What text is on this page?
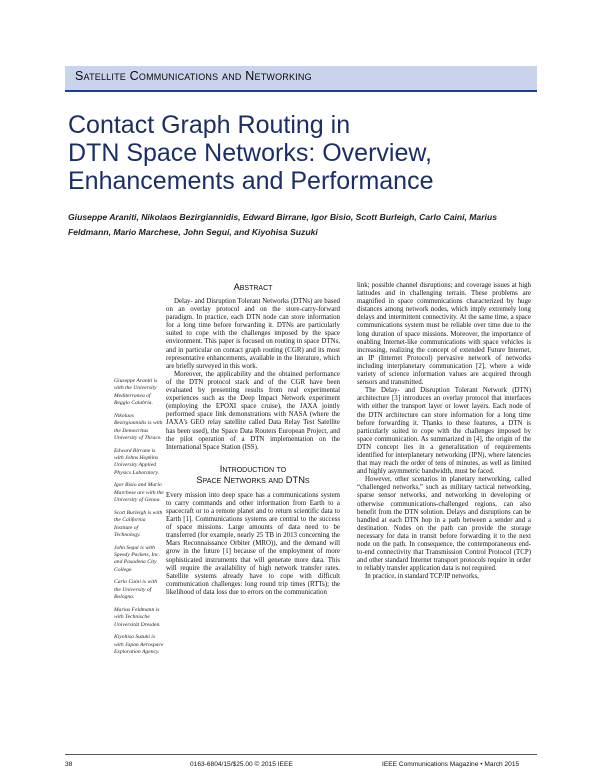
Satellite Communications and Networking
Contact Graph Routing in
DTN Space Networks: Overview,
Enhancements and Performance
Giuseppe Araniti, Nikolaos Bezirgiannidis, Edward Birrane, Igor Bisio, Scott Burleigh, Carlo Caini, Marius Feldmann, Mario Marchese, John Segui, and Kiyohisa Suzuki

Giuseppe Araniti is with the University Mediterranea of Reggio Calabria.

Nikolaos Bezirgiannidis is with the Democritus University of Thrace.

Edward Birrane is with Johns Hopkins University Applied Physics Laboratory.

Igor Bisio and Mario Marchese are with the University of Genoa.

Scott Burleigh is with the California Institute of Technology.

John Segui is with Speedy Packets, Inc. and Pasadena City College.

Carlo Caini is with the University of Bologna.

Marius Feldmann is with Technische Universität Dresden.

Kiyohisa Suzuki is with Japan Aerospace Exploration Agency.

Abstract

Delay- and Disruption Tolerant Networks (DTNs) are based on an overlay protocol and on the store-carry-forward paradigm. In practice, each DTN node can store information for a long time before forwarding it. DTNs are particularly suited to cope with the challenges imposed by the space environment. This paper is focused on routing in space DTNs, and in particular on contact graph routing (CGR) and its most representative enhancements, available in the literature, which are briefly surveyed in this work.

Moreover, the applicability and the obtained performance of the DTN protocol stack and of the CGR have been evaluated by presenting results from real experimental experiences such as the Deep Impact Network experiment (employing the EPOXI space cruise), the JAXA jointly performed space link demonstrations with NASA (where the JAXA's GEO relay satellite called Data Relay Test Satellite has been used), the Space Data Routers European Project, and the pilot operation of a DTN implementation on the International Space Station (ISS).

Introduction to
Space Networks and DTNs

Every mission into deep space has a communications system to carry commands and other information from Earth to a spacecraft or to a remote planet and to return scientific data to Earth [1]. Communications systems are central to the success of space missions. Large amounts of data need to be transferred (for example, nearly 25 TB in 2013 concerning the Mars Reconnaissance Orbiter (MRO)), and the demand will grow in the future [1] because of the employment of more sophisticated instruments that will generate more data. This will require the availability of high network transfer rates. Satellite systems already have to cope with difficult communication challenges: long round trip times (RTTs); the likelihood of data loss due to errors on the communication

link; possible channel disruptions; and coverage issues at high latitudes and in challenging terrain. These problems are magnified in space communications characterized by huge distances among network nodes, which imply extremely long delays and intermittent connectivity. At the same time, a space communications system must be reliable over time due to the long duration of space missions. Moreover, the importance of enabling Internet-like communications with space vehicles is increasing, realizing the concept of extended Future Internet, an IP (Internet Protocol) pervasive network of networks including interplanetary communication [2], where a wide variety of science information values are acquired through sensors and transmitted.

The Delay- and Disruption Tolerant Network (DTN) architecture [3] introduces an overlay protocol that interfaces with either the transport layer or lower layers. Each node of the DTN architecture can store information for a long time before forwarding it. Thanks to these features, a DTN is particularly suited to cope with the challenges imposed by space communication. As summarized in [4], the origin of the DTN concept lies in a generalization of requirements identified for interplanetary networking (IPN), where latencies that may reach the order of tens of minutes, as well as limited and highly asymmetric bandwidth, must be faced.

However, other scenarios in planetary networking, called “challenged networks,” such as military tactical networking, sparse sensor networks, and networking in developing or otherwise communications-challenged regions, can also benefit from the DTN solution. Delays and disruptions can be handled at each DTN hop in a path between a sender and a destination. Nodes on the path can provide the storage necessary for data in transit before forwarding it to the next node on the path. In consequence, the contemporaneous end-to-end connectivity that Transmission Control Protocol (TCP) and other standard Internet transport protocols require in order to reliably transfer application data is not required.

In practice, in standard TCP/IP networks,

38	0163-6804/15/$25.00 © 2015 IEEE	IEEE Communications Magazine • March 2015
